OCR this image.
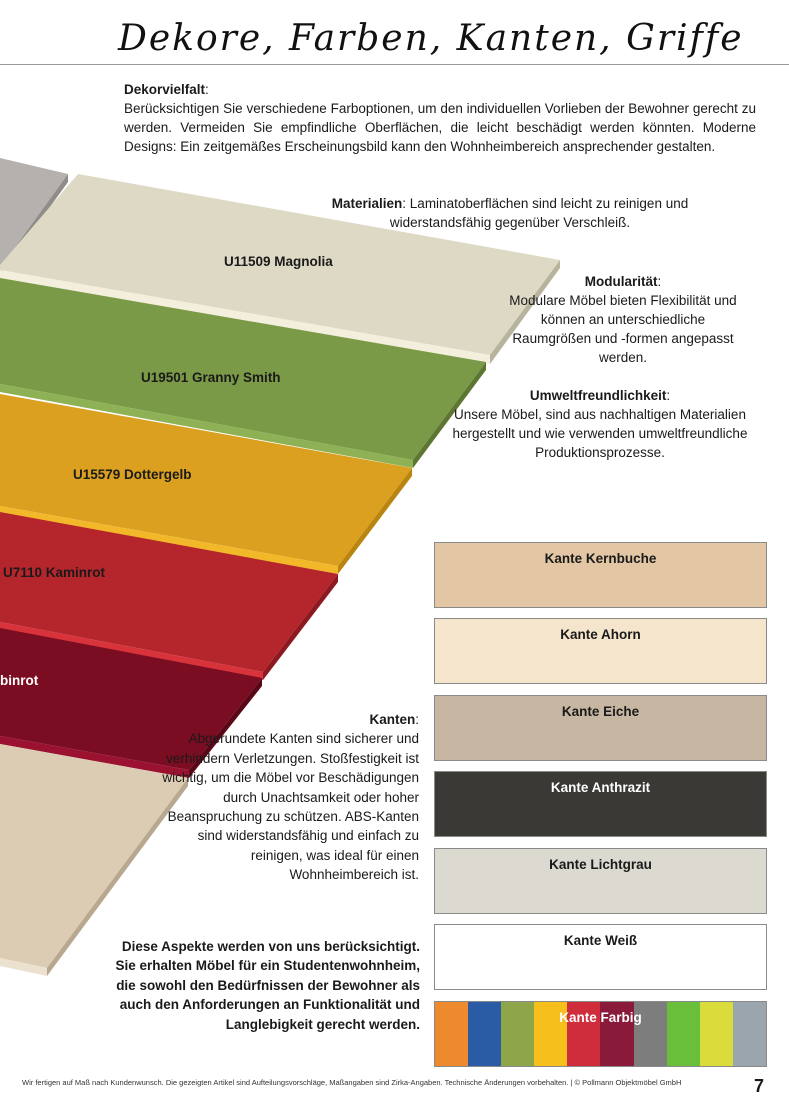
Dekore, Farben, Kanten, Griffe
Dekorvielfalt:
Berücksichtigen Sie verschiedene Farboptionen, um den individuellen Vorlieben der Bewohner gerecht zu werden. Vermeiden Sie empfindliche Oberflächen, die leicht beschädigt werden könnten. Moderne Designs: Ein zeitgemäßes Erscheinungsbild kann den Wohnheimbereich ansprechender gestalten.
U11509 Magnolia
U19501 Granny Smith
U15579 Dottergelb
U7110 Kaminrot
binrot
Materialien: Laminatoberflächen sind leicht zu reinigen und widerstandsfähig gegenüber Verschleiß.
Modularität:
Modulare Möbel bieten Flexibilität und können an unterschiedliche Raumgrößen und -formen angepasst werden.
Umweltfreundlichkeit:
Unsere Möbel, sind aus nachhaltigen Materialien hergestellt und wie verwenden umweltfreundliche Produktionsprozesse.
Kanten:
Abgerundete Kanten sind sicherer und verhindern Verletzungen. Stoßfestigkeit ist wichtig, um die Möbel vor Beschädigungen durch Unachtsamkeit oder hoher Beanspruchung zu schützen. ABS-Kanten sind widerstandsfähig und einfach zu reinigen, was ideal für einen Wohnheimbereich ist.
Diese Aspekte werden von uns berücksichtigt. Sie erhalten Möbel für ein Studentenwohnheim, die sowohl den Bedürfnissen der Bewohner als auch den Anforderungen an Funktionalität und Langlebigkeit gerecht werden.
Kante Kernbuche
Kante Ahorn
Kante Eiche
Kante Anthrazit
Kante Lichtgrau
Kante Weiß
Kante Farbig
Wir fertigen auf Maß nach Kundenwunsch. Die gezeigten Artikel sind Aufteilungsvorschläge, Maßangaben sind Zirka-Angaben. Technische Änderungen vorbehalten. | © Pollmann Objektmöbel GmbH	7
